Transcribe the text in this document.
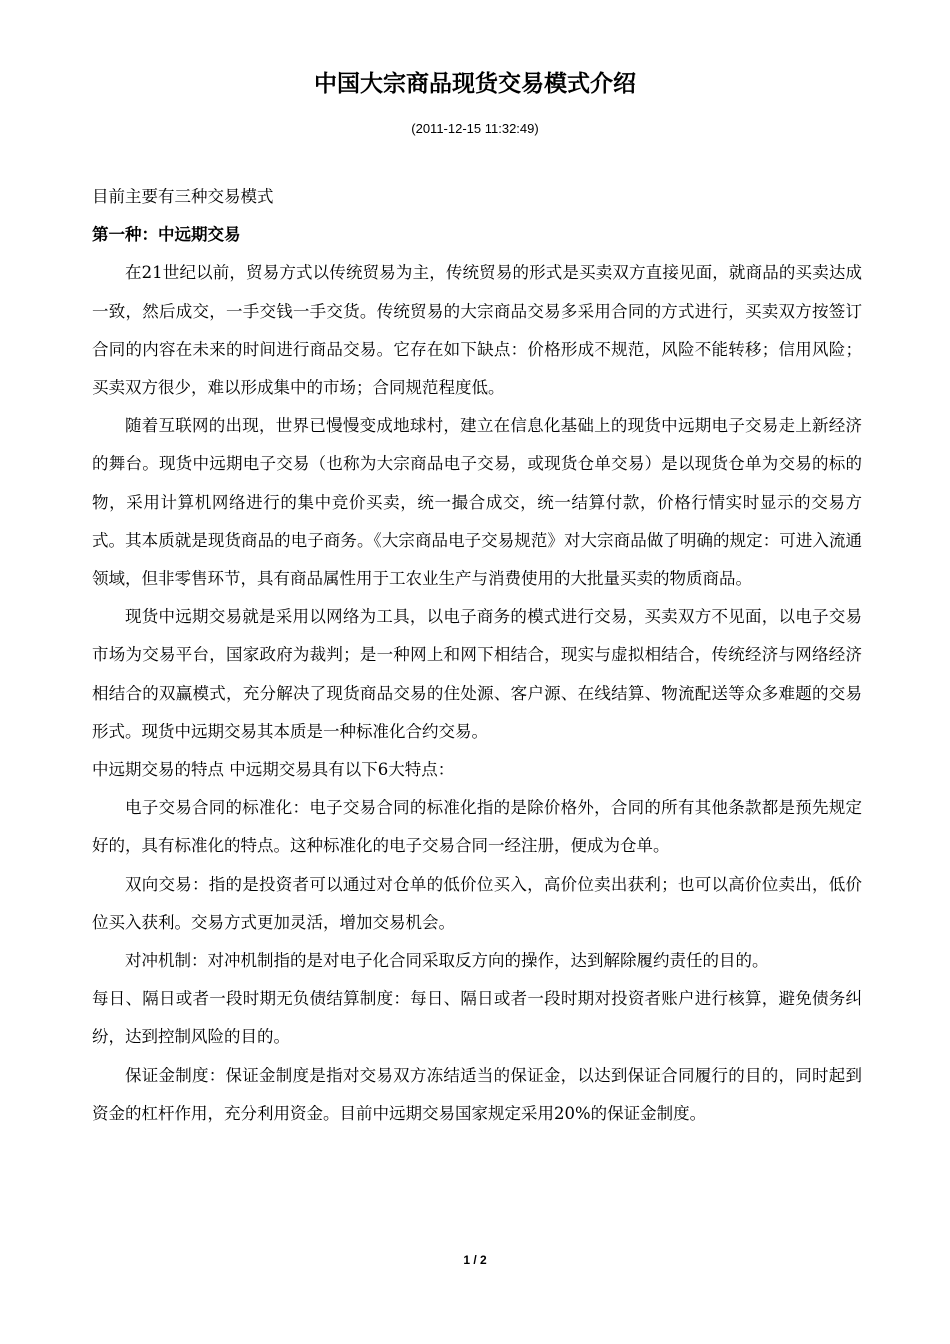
中国大宗商品现货交易模式介绍
(2011-12-15 11:32:49)

目前主要有三种交易模式

第一种：中远期交易

在21世纪以前，贸易方式以传统贸易为主，传统贸易的形式是买卖双方直接见面，就商品的买卖达成一致，然后成交，一手交钱一手交货。传统贸易的大宗商品交易多采用合同的方式进行，买卖双方按签订合同的内容在未来的时间进行商品交易。它存在如下缺点：价格形成不规范，风险不能转移；信用风险；买卖双方很少，难以形成集中的市场；合同规范程度低。

随着互联网的出现，世界已慢慢变成地球村，建立在信息化基础上的现货中远期电子交易走上新经济的舞台。现货中远期电子交易（也称为大宗商品电子交易，或现货仓单交易）是以现货仓单为交易的标的物，采用计算机网络进行的集中竞价买卖，统一撮合成交，统一结算付款，价格行情实时显示的交易方式。其本质就是现货商品的电子商务。《大宗商品电子交易规范》对大宗商品做了明确的规定：可进入流通领域，但非零售环节，具有商品属性用于工农业生产与消费使用的大批量买卖的物质商品。

现货中远期交易就是采用以网络为工具，以电子商务的模式进行交易，买卖双方不见面，以电子交易市场为交易平台，国家政府为裁判；是一种网上和网下相结合，现实与虚拟相结合，传统经济与网络经济相结合的双赢模式，充分解决了现货商品交易的住处源、客户源、在线结算、物流配送等众多难题的交易形式。现货中远期交易其本质是一种标准化合约交易。

中远期交易的特点 中远期交易具有以下6大特点：

电子交易合同的标准化：电子交易合同的标准化指的是除价格外，合同的所有其他条款都是预先规定好的，具有标准化的特点。这种标准化的电子交易合同一经注册，便成为仓单。

双向交易：指的是投资者可以通过对仓单的低价位买入，高价位卖出获利；也可以高价位卖出，低价位买入获利。交易方式更加灵活，增加交易机会。

对冲机制：对冲机制指的是对电子化合同采取反方向的操作，达到解除履约责任的目的。

每日、隔日或者一段时期无负债结算制度：每日、隔日或者一段时期对投资者账户进行核算，避免债务纠纷，达到控制风险的目的。

保证金制度：保证金制度是指对交易双方冻结适当的保证金，以达到保证合同履行的目的，同时起到资金的杠杆作用，充分利用资金。目前中远期交易国家规定采用20%的保证金制度。

1 / 2
